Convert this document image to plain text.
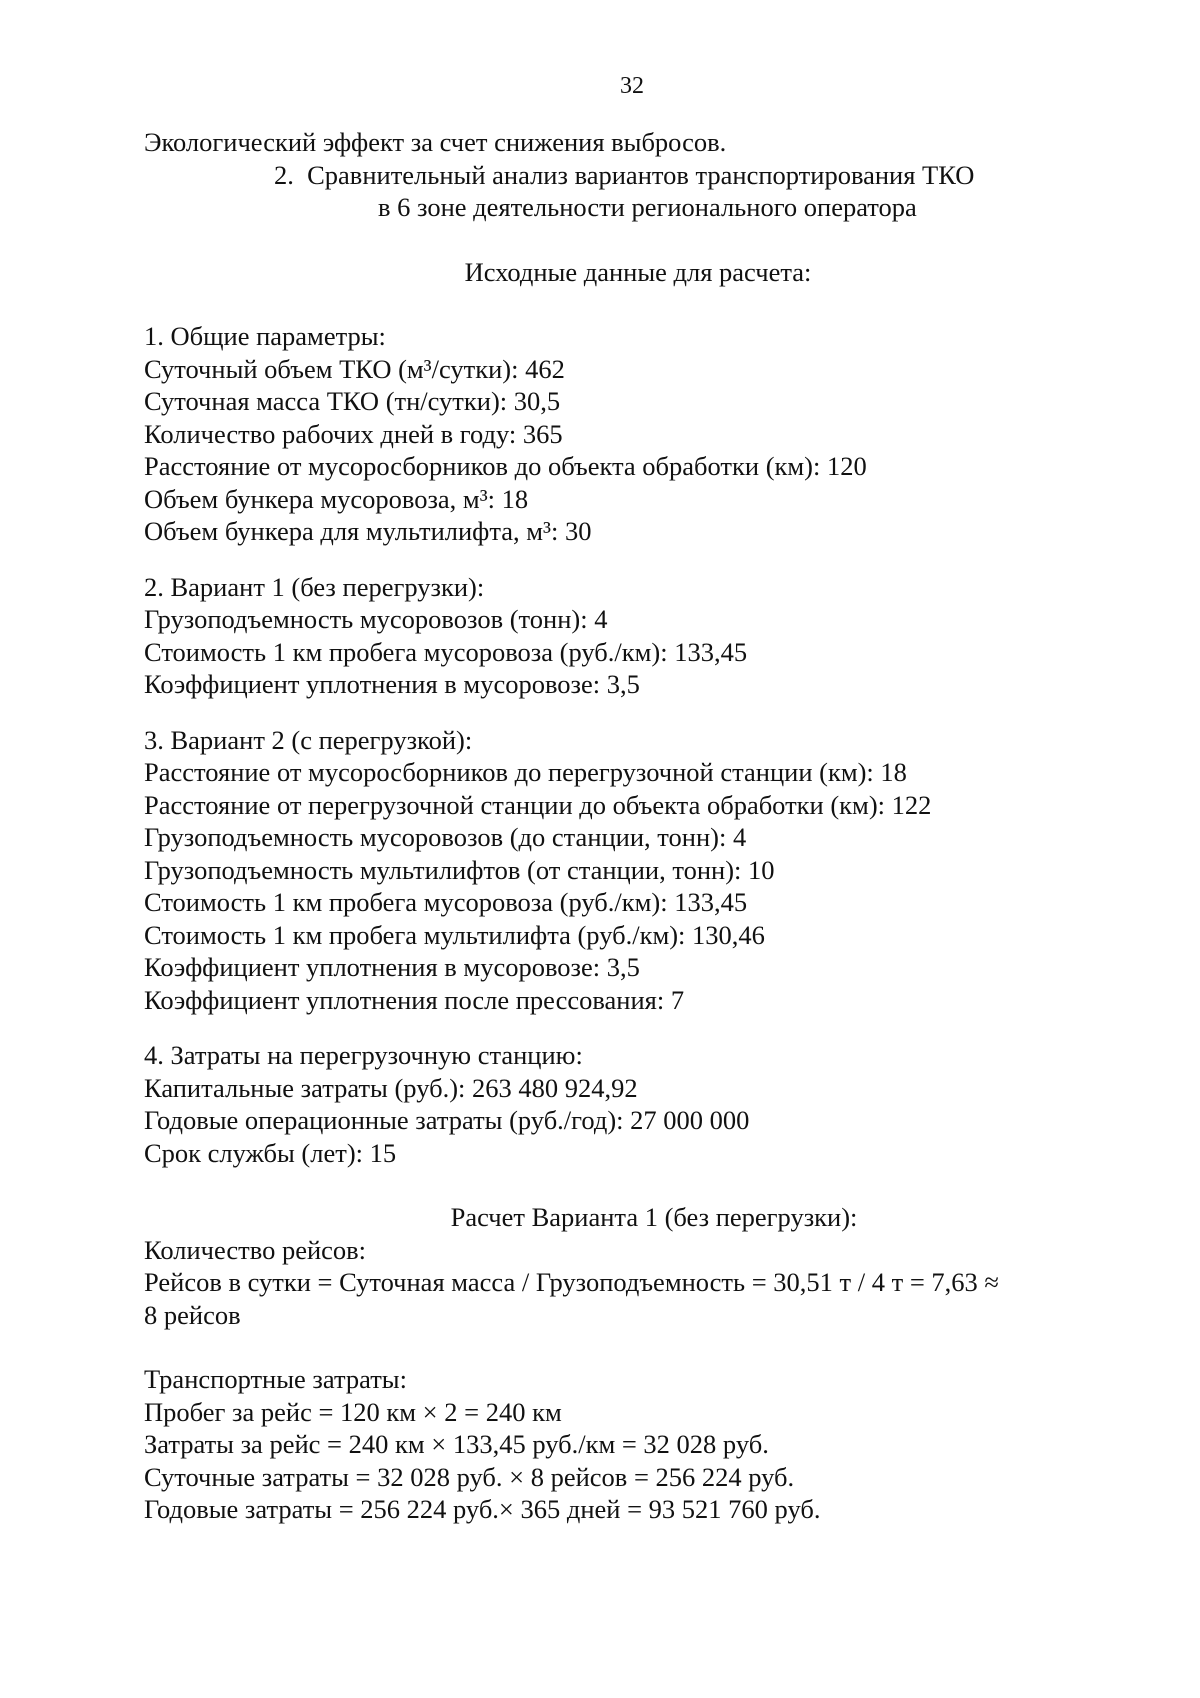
32
Экологический эффект за счет снижения выбросов.
2. Сравнительный анализ вариантов транспортирования ТКО
в 6 зоне деятельности регионального оператора
Исходные данные для расчета:
1. Общие параметры:
Суточный объем ТКО (м³/сутки): 462
Суточная масса ТКО (тн/сутки): 30,5
Количество рабочих дней в году: 365
Расстояние от мусоросборников до объекта обработки (км): 120
Объем бункера мусоровоза, м³: 18
Объем бункера для мультилифта, м³: 30
2. Вариант 1 (без перегрузки):
Грузоподъемность мусоровозов (тонн): 4
Стоимость 1 км пробега мусоровоза (руб./км): 133,45
Коэффициент уплотнения в мусоровозе: 3,5
3. Вариант 2 (с перегрузкой):
Расстояние от мусоросборников до перегрузочной станции (км): 18
Расстояние от перегрузочной станции до объекта обработки (км): 122
Грузоподъемность мусоровозов (до станции, тонн): 4
Грузоподъемность мультилифтов (от станции, тонн): 10
Стоимость 1 км пробега мусоровоза (руб./км): 133,45
Стоимость 1 км пробега мультилифта (руб./км): 130,46
Коэффициент уплотнения в мусоровозе: 3,5
Коэффициент уплотнения после прессования: 7
4. Затраты на перегрузочную станцию:
Капитальные затраты (руб.): 263 480 924,92
Годовые операционные затраты (руб./год): 27 000 000
Срок службы (лет): 15
Расчет Варианта 1 (без перегрузки):
Количество рейсов:
Рейсов в сутки = Суточная масса / Грузоподъемность = 30,51 т / 4 т = 7,63 ≈
8 рейсов
Транспортные затраты:
Пробег за рейс = 120 км × 2 = 240 км
Затраты за рейс = 240 км × 133,45 руб./км = 32 028 руб.
Суточные затраты = 32 028 руб. × 8 рейсов = 256 224 руб.
Годовые затраты = 256 224 руб.× 365 дней = 93 521 760 руб.
